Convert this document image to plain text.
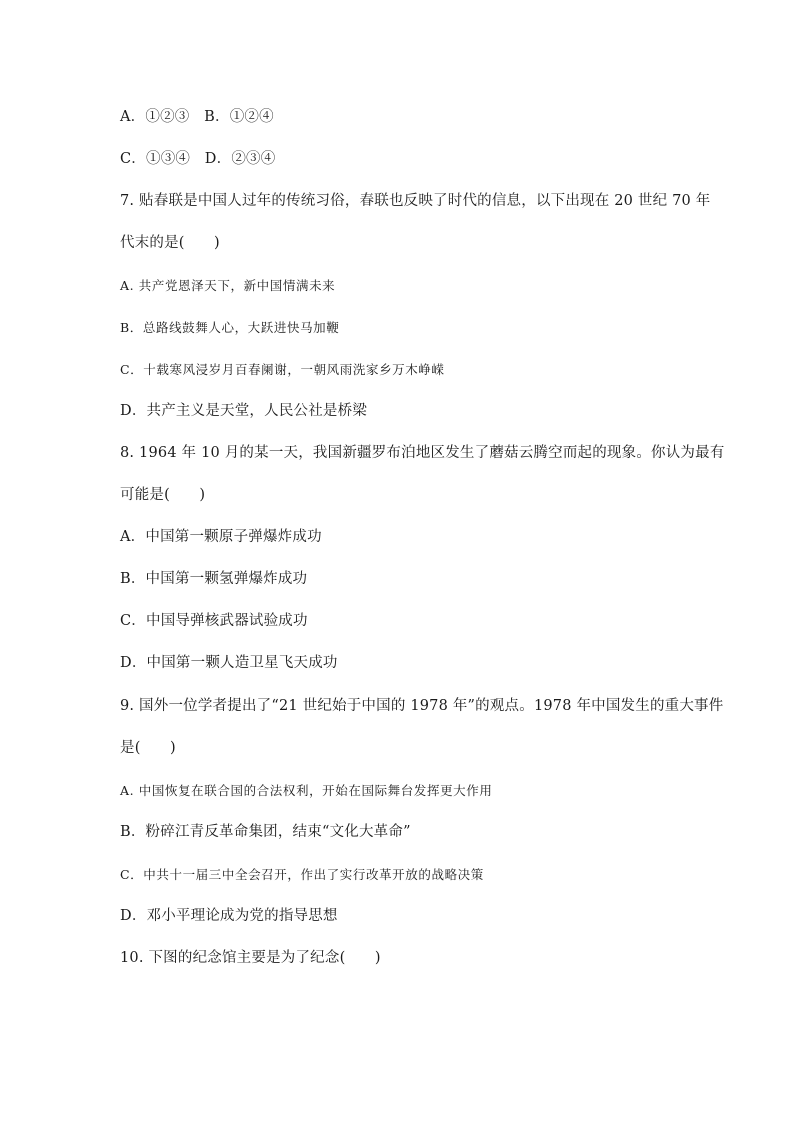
A．①②③　B．①②④
C．①③④　D．②③④
7. 贴春联是中国人过年的传统习俗，春联也反映了时代的信息，以下出现在 20 世纪 70 年
代末的是(　　)
A. 共产党恩泽天下，新中国情满未来
B．总路线鼓舞人心，大跃进快马加鞭
C．十载寒风浸岁月百春阑谢，一朝风雨洗家乡万木峥嵘
D．共产主义是天堂，人民公社是桥梁
8. 1964 年 10 月的某一天，我国新疆罗布泊地区发生了蘑菇云腾空而起的现象。你认为最有
可能是(　　)
A．中国第一颗原子弹爆炸成功
B．中国第一颗氢弹爆炸成功
C．中国导弹核武器试验成功
D．中国第一颗人造卫星飞天成功
9. 国外一位学者提出了“21 世纪始于中国的 1978 年”的观点。1978 年中国发生的重大事件
是(　　)
A. 中国恢复在联合国的合法权利，开始在国际舞台发挥更大作用
B．粉碎江青反革命集团，结束“文化大革命”
C．中共十一届三中全会召开，作出了实行改革开放的战略决策
D．邓小平理论成为党的指导思想
10. 下图的纪念馆主要是为了纪念(　　)
